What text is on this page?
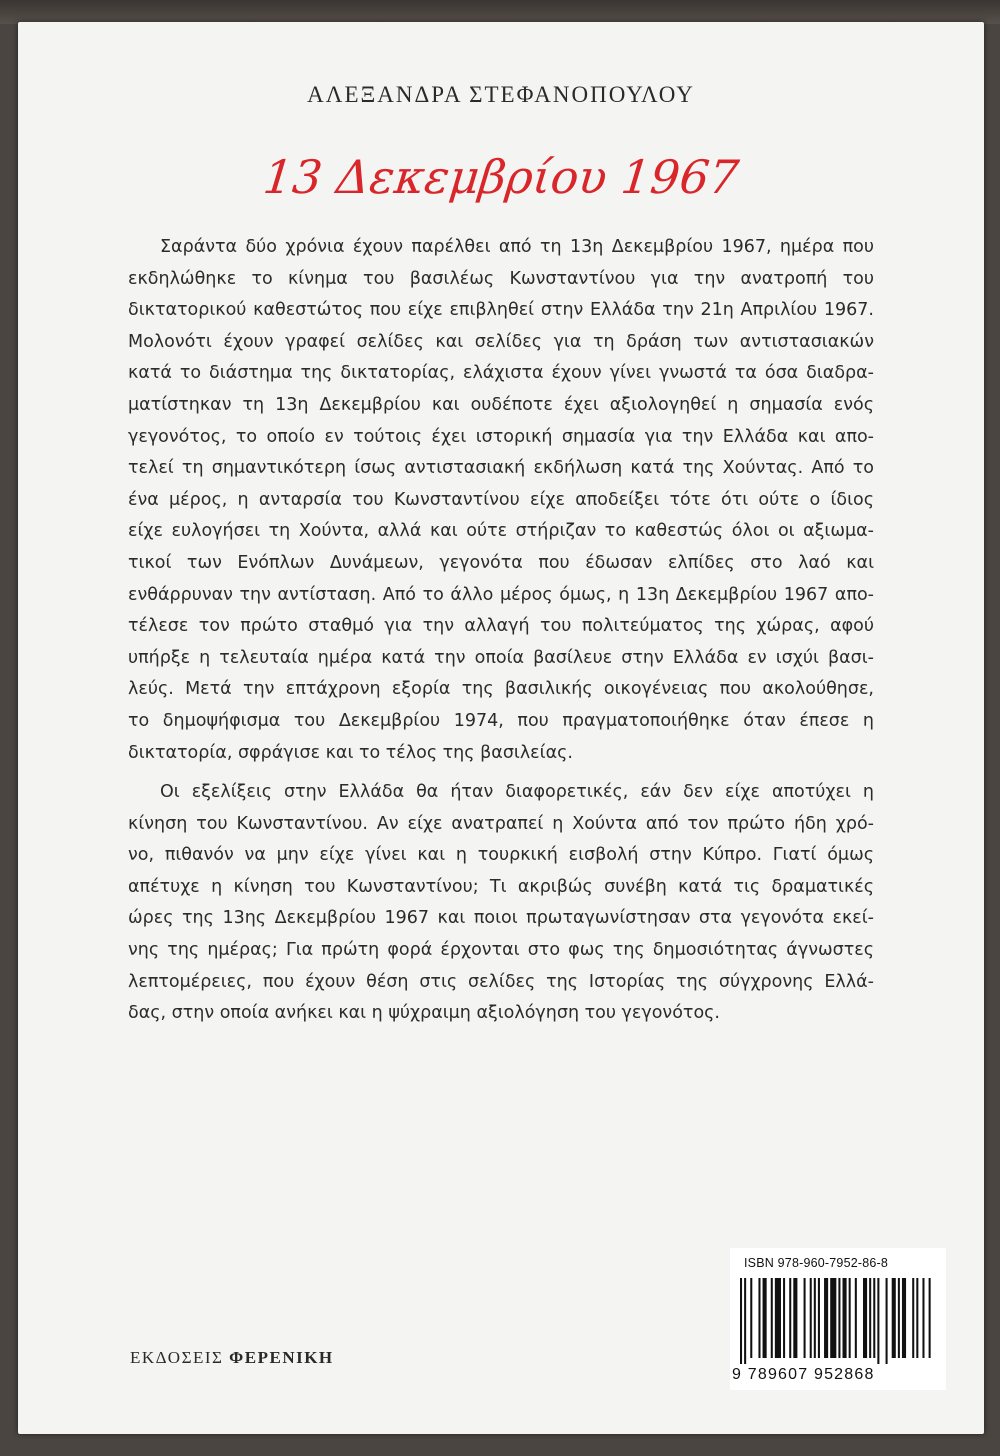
ΑΛΕΞΑΝΔΡΑ ΣΤΕΦΑΝΟΠΟΥΛΟΥ
13 Δεκεμβρίου 1967
Σαράντα δύο χρόνια έχουν παρέλθει από τη 13η Δεκεμβρίου 1967, ημέρα που
εκδηλώθηκε το κίνημα του βασιλέως Κωνσταντίνου για την ανατροπή του
δικτατορικού καθεστώτος που είχε επιβληθεί στην Ελλάδα την 21η Απριλίου 1967.
Μολονότι έχουν γραφεί σελίδες και σελίδες για τη δράση των αντιστασιακών
κατά το διάστημα της δικτατορίας, ελάχιστα έχουν γίνει γνωστά τα όσα διαδρα-
ματίστηκαν τη 13η Δεκεμβρίου και ουδέποτε έχει αξιολογηθεί η σημασία ενός
γεγονότος, το οποίο εν τούτοις έχει ιστορική σημασία για την Ελλάδα και απο-
τελεί τη σημαντικότερη ίσως αντιστασιακή εκδήλωση κατά της Χούντας. Από το
ένα μέρος, η ανταρσία του Κωνσταντίνου είχε αποδείξει τότε ότι ούτε ο ίδιος
είχε ευλογήσει τη Χούντα, αλλά και ούτε στήριζαν το καθεστώς όλοι οι αξιωμα-
τικοί των Ενόπλων Δυνάμεων, γεγονότα που έδωσαν ελπίδες στο λαό και
ενθάρρυναν την αντίσταση. Από το άλλο μέρος όμως, η 13η Δεκεμβρίου 1967 απο-
τέλεσε τον πρώτο σταθμό για την αλλαγή του πολιτεύματος της χώρας, αφού
υπήρξε η τελευταία ημέρα κατά την οποία βασίλευε στην Ελλάδα εν ισχύι βασι-
λεύς. Μετά την επτάχρονη εξορία της βασιλικής οικογένειας που ακολούθησε,
το δημοψήφισμα του Δεκεμβρίου 1974, που πραγματοποιήθηκε όταν έπεσε η
δικτατορία, σφράγισε και το τέλος της βασιλείας.
Οι εξελίξεις στην Ελλάδα θα ήταν διαφορετικές, εάν δεν είχε αποτύχει η
κίνηση του Κωνσταντίνου. Αν είχε ανατραπεί η Χούντα από τον πρώτο ήδη χρό-
νο, πιθανόν να μην είχε γίνει και η τουρκική εισβολή στην Κύπρο. Γιατί όμως
απέτυχε η κίνηση του Κωνσταντίνου; Τι ακριβώς συνέβη κατά τις δραματικές
ώρες της 13ης Δεκεμβρίου 1967 και ποιοι πρωταγωνίστησαν στα γεγονότα εκεί-
νης της ημέρας; Για πρώτη φορά έρχονται στο φως της δημοσιότητας άγνωστες
λεπτομέρειες, που έχουν θέση στις σελίδες της Ιστορίας της σύγχρονης Ελλά-
δας, στην οποία ανήκει και η ψύχραιμη αξιολόγηση του γεγονότος.
ΕΚΔΟΣΕΙΣ ΦΕΡΕΝΙΚΗ
ISBN 978-960-7952-86-8
9 789607 952868
